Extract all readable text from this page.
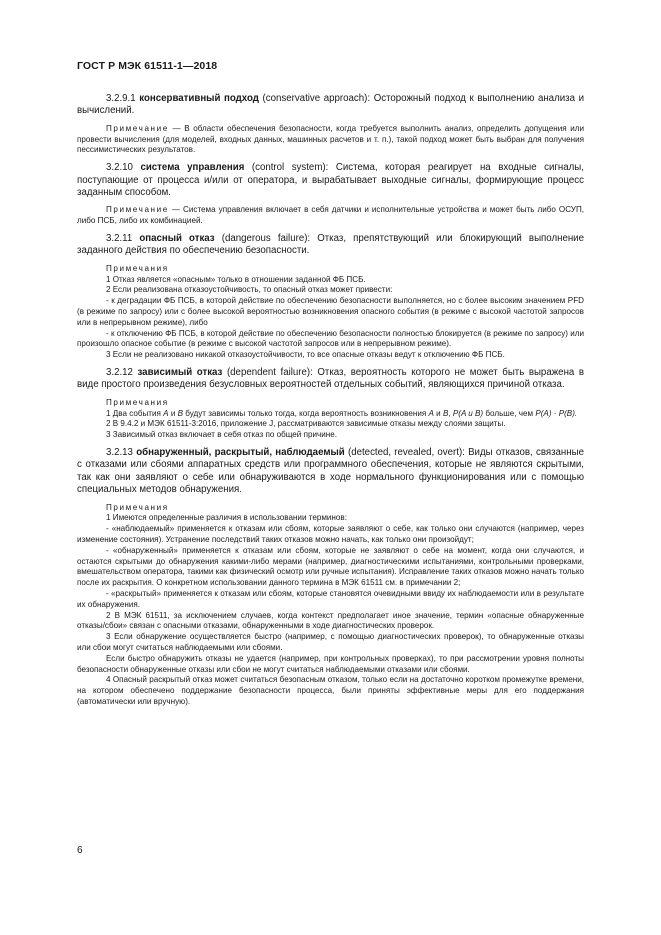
ГОСТ Р МЭК 61511-1—2018

3.2.9.1 консервативный подход (conservative approach): Осторожный подход к выполнению анализа и вычислений.

Примечание — В области обеспечения безопасности, когда требуется выполнить анализ, определить допущения или провести вычисления (для моделей, входных данных, машинных расчетов и т. п.), такой подход может быть выбран для получения пессимистических результатов.

3.2.10 система управления (control system): Система, которая реагирует на входные сигналы, поступающие от процесса и/или от оператора, и вырабатывает выходные сигналы, формирующие процесс заданным способом.

Примечание — Система управления включает в себя датчики и исполнительные устройства и может быть либо ОСУП, либо ПСБ, либо их комбинацией.

3.2.11 опасный отказ (dangerous failure): Отказ, препятствующий или блокирующий выполнение заданного действия по обеспечению безопасности.

Примечания

1 Отказ является «опасным» только в отношении заданной ФБ ПСБ.

2 Если реализована отказоустойчивость, то опасный отказ может привести:

- к деградации ФБ ПСБ, в которой действие по обеспечению безопасности выполняется, но с более высоким значением PFD (в режиме по запросу) или с более высокой вероятностью возникновения опасного события (в режиме с высокой частотой запросов или в непрерывном режиме), либо

- к отключению ФБ ПСБ, в которой действие по обеспечению безопасности полностью блокируется (в режиме по запросу) или произошло опасное событие (в режиме с высокой частотой запросов или в непрерывном режиме).

3 Если не реализовано никакой отказоустойчивости, то все опасные отказы ведут к отключению ФБ ПСБ.

3.2.12 зависимый отказ (dependent failure): Отказ, вероятность которого не может быть выражена в виде простого произведения безусловных вероятностей отдельных событий, являющихся причиной отказа.

Примечания

1 Два события A и B будут зависимы только тогда, когда вероятность возникновения A и B, P(A и B) больше, чем P(A) · P(B).

2 В 9.4.2 и МЭК 61511-3:2016, приложение J, рассматриваются зависимые отказы между слоями защиты.

3 Зависимый отказ включает в себя отказ по общей причине.

3.2.13 обнаруженный, раскрытый, наблюдаемый (detected, revealed, overt): Виды отказов, связанные с отказами или сбоями аппаратных средств или программного обеспечения, которые не являются скрытыми, так как они заявляют о себе или обнаруживаются в ходе нормального функционирования или с помощью специальных методов обнаружения.

Примечания

1 Имеются определенные различия в использовании терминов:

- «наблюдаемый» применяется к отказам или сбоям, которые заявляют о себе, как только они случаются (например, через изменение состояния). Устранение последствий таких отказов можно начать, как только они произойдут;

- «обнаруженный» применяется к отказам или сбоям, которые не заявляют о себе на момент, когда они случаются, и остаются скрытыми до обнаружения какими-либо мерами (например, диагностическими испытаниями, контрольными проверками, вмешательством оператора, такими как физический осмотр или ручные испытания). Исправление таких отказов можно начать только после их раскрытия. О конкретном использовании данного термина в МЭК 61511 см. в примечании 2;

- «раскрытый» применяется к отказам или сбоям, которые становятся очевидными ввиду их наблюдаемости или в результате их обнаружения.

2 В МЭК 61511, за исключением случаев, когда контекст предполагает иное значение, термин «опасные обнаруженные отказы/сбои» связан с опасными отказами, обнаруженными в ходе диагностических проверок.

3 Если обнаружение осуществляется быстро (например, с помощью диагностических проверок), то обнаруженные отказы или сбои могут считаться наблюдаемыми или сбоями.

Если быстро обнаружить отказы не удается (например, при контрольных проверках), то при рассмотрении уровня полноты безопасности обнаруженные отказы или сбои не могут считаться наблюдаемыми отказами или сбоями.

4 Опасный раскрытый отказ может считаться безопасным отказом, только если на достаточно коротком промежутке времени, на котором обеспечено поддержание безопасности процесса, были приняты эффективные меры для его поддержания (автоматически или вручную).

6
